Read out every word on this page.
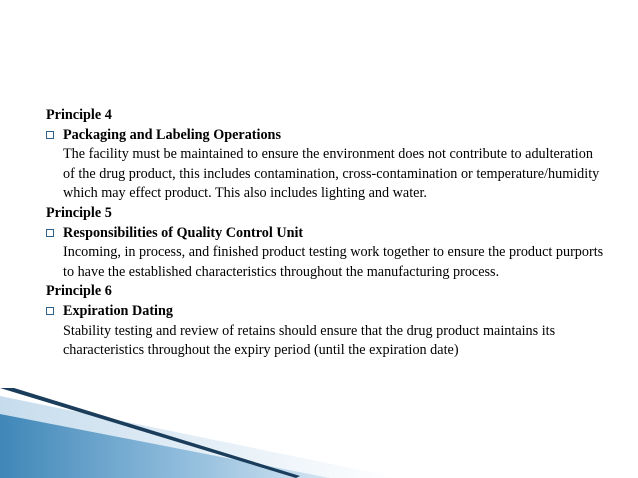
Principle 4

Packaging and Labeling Operations
The facility must be maintained to ensure the environment does not contribute to adulteration of the drug product, this includes contamination, cross-contamination or temperature/humidity which may effect product. This also includes lighting and water.

Principle 5

Responsibilities of Quality Control Unit
Incoming, in process, and finished product testing work together to ensure the product purports to have the established characteristics throughout the manufacturing process.

Principle 6

Expiration Dating
Stability testing and review of retains should ensure that the drug product maintains its characteristics throughout the expiry period (until the expiration date)
